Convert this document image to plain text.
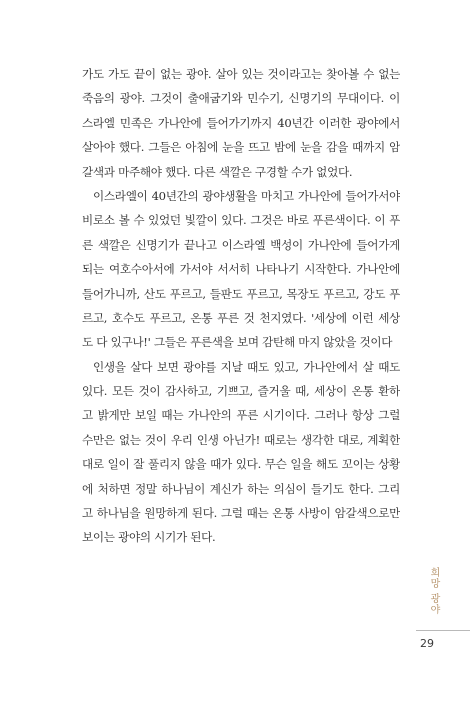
가도 가도 끝이 없는 광야. 살아 있는 것이라고는 찾아볼 수 없는
죽음의 광야. 그것이 출애굽기와 민수기, 신명기의 무대이다. 이
스라엘 민족은 가나안에 들어가기까지 40년간 이러한 광야에서
살아야 했다. 그들은 아침에 눈을 뜨고 밤에 눈을 감을 때까지 암
갈색과 마주해야 했다. 다른 색깔은 구경할 수가 없었다.

이스라엘이 40년간의 광야생활을 마치고 가나안에 들어가서야
비로소 볼 수 있었던 빛깔이 있다. 그것은 바로 푸른색이다. 이 푸
른 색깔은 신명기가 끝나고 이스라엘 백성이 가나안에 들어가게
되는 여호수아서에 가서야 서서히 나타나기 시작한다. 가나안에
들어가니까, 산도 푸르고, 들판도 푸르고, 목장도 푸르고, 강도 푸
르고, 호수도 푸르고, 온통 푸른 것 천지였다. '세상에 이런 세상
도 다 있구나!' 그들은 푸른색을 보며 감탄해 마지 않았을 것이다

인생을 살다 보면 광야를 지날 때도 있고, 가나안에서 살 때도
있다. 모든 것이 감사하고, 기쁘고, 즐거울 때, 세상이 온통 환하
고 밝게만 보일 때는 가나안의 푸른 시기이다. 그러나 항상 그럴
수만은 없는 것이 우리 인생 아닌가! 때로는 생각한 대로, 계획한
대로 일이 잘 풀리지 않을 때가 있다. 무슨 일을 해도 꼬이는 상황
에 처하면 정말 하나님이 계신가 하는 의심이 들기도 한다. 그리
고 하나님을 원망하게 된다. 그럴 때는 온통 사방이 암갈색으로만
보이는 광야의 시기가 된다.

희망 광야
29
